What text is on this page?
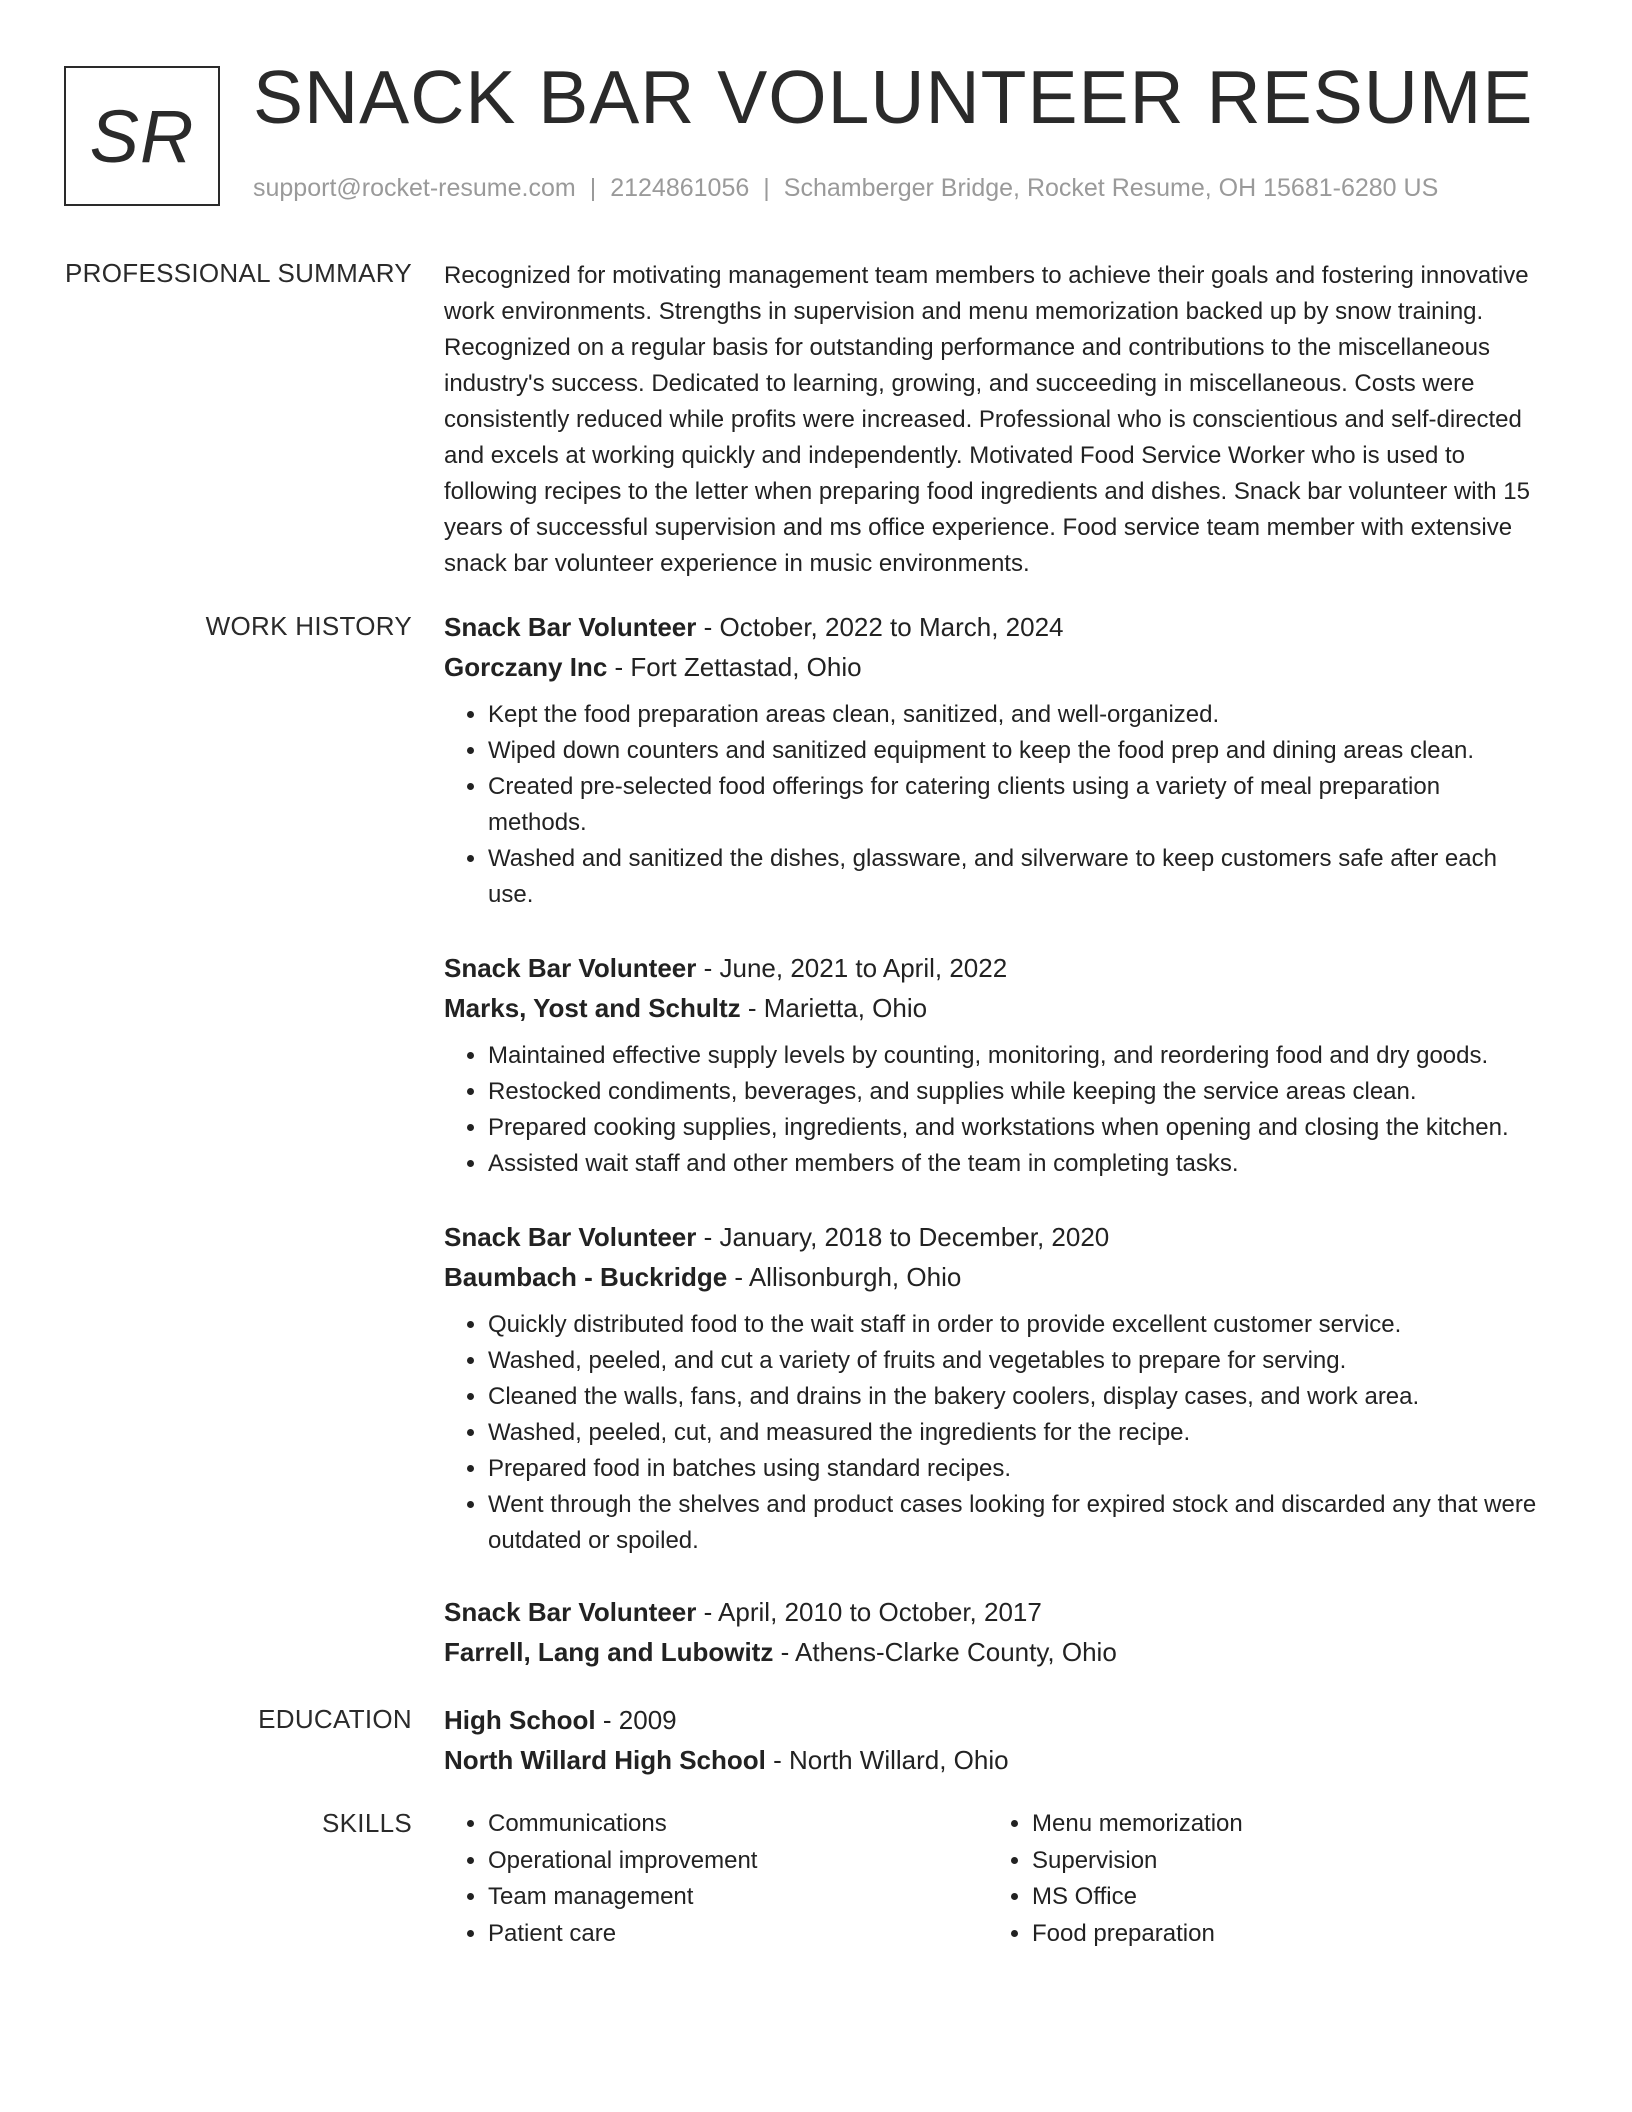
SR SNACK BAR VOLUNTEER RESUME
support@rocket-resume.com | 2124861056 | Schamberger Bridge, Rocket Resume, OH 15681-6280 US
PROFESSIONAL SUMMARY Recognized for motivating management team members to achieve their goals and fostering innovative work environments. Strengths in supervision and menu memorization backed up by snow training. Recognized on a regular basis for outstanding performance and contributions to the miscellaneous industry's success. Dedicated to learning, growing, and succeeding in miscellaneous. Costs were consistently reduced while profits were increased. Professional who is conscientious and self-directed and excels at working quickly and independently. Motivated Food Service Worker who is used to following recipes to the letter when preparing food ingredients and dishes. Snack bar volunteer with 15 years of successful supervision and ms office experience. Food service team member with extensive snack bar volunteer experience in music environments.
WORK HISTORY Snack Bar Volunteer - October, 2022 to March, 2024
Gorczany Inc - Fort Zettastad, Ohio
• Kept the food preparation areas clean, sanitized, and well-organized.
• Wiped down counters and sanitized equipment to keep the food prep and dining areas clean.
• Created pre-selected food offerings for catering clients using a variety of meal preparation methods.
• Washed and sanitized the dishes, glassware, and silverware to keep customers safe after each use.
Snack Bar Volunteer - June, 2021 to April, 2022
Marks, Yost and Schultz - Marietta, Ohio
• Maintained effective supply levels by counting, monitoring, and reordering food and dry goods.
• Restocked condiments, beverages, and supplies while keeping the service areas clean.
• Prepared cooking supplies, ingredients, and workstations when opening and closing the kitchen.
• Assisted wait staff and other members of the team in completing tasks.
Snack Bar Volunteer - January, 2018 to December, 2020
Baumbach - Buckridge - Allisonburgh, Ohio
• Quickly distributed food to the wait staff in order to provide excellent customer service.
• Washed, peeled, and cut a variety of fruits and vegetables to prepare for serving.
• Cleaned the walls, fans, and drains in the bakery coolers, display cases, and work area.
• Washed, peeled, cut, and measured the ingredients for the recipe.
• Prepared food in batches using standard recipes.
• Went through the shelves and product cases looking for expired stock and discarded any that were outdated or spoiled.
Snack Bar Volunteer - April, 2010 to October, 2017
Farrell, Lang and Lubowitz - Athens-Clarke County, Ohio
EDUCATION High School - 2009
North Willard High School - North Willard, Ohio
SKILLS
•	Communications
• Operational improvement
• Team management
• Patient care
• Menu memorization
• Supervision
• MS Office
• Food preparation
